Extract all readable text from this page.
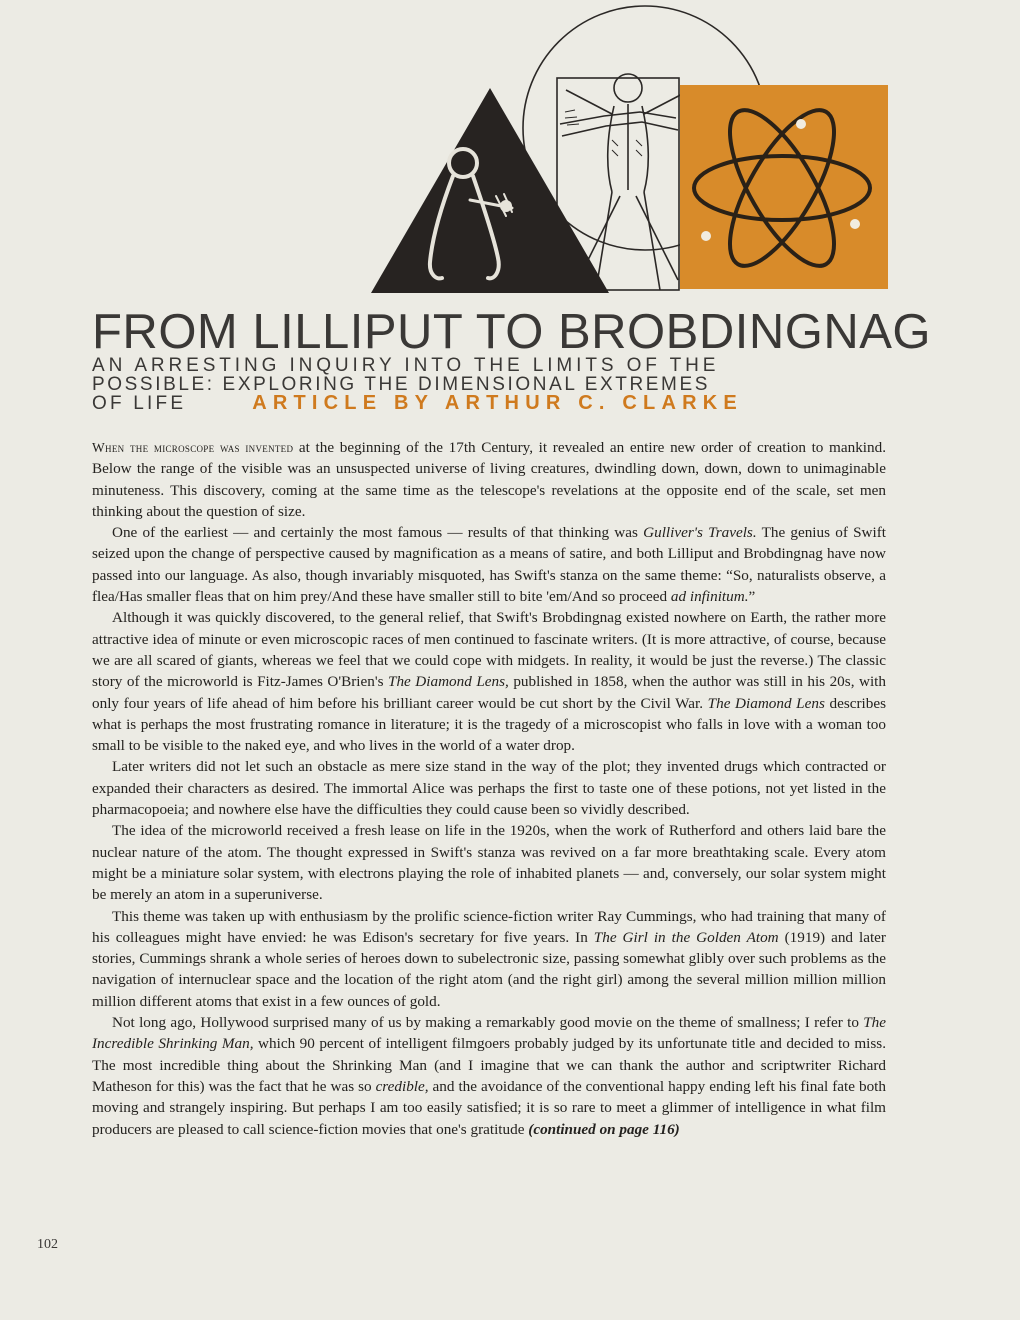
FROM LILLIPUT TO BROBDINGNAG
AN ARRESTING INQUIRY INTO THE LIMITS OF THE
POSSIBLE: EXPLORING THE DIMENSIONAL EXTREMES
OF LIFE	ARTICLE BY ARTHUR C. CLARKE

When the microscope was invented at the beginning of the 17th Century, it revealed an entire new order of creation to mankind. Below the range of the visible was an unsuspected universe of living creatures, dwindling down, down, down to unimaginable minuteness. This discovery, coming at the same time as the telescope's revelations at the opposite end of the scale, set men thinking about the question of size.

One of the earliest — and certainly the most famous — results of that thinking was Gulliver's Travels. The genius of Swift seized upon the change of perspective caused by magnification as a means of satire, and both Lilliput and Brobdingnag have now passed into our language. As also, though invariably misquoted, has Swift's stanza on the same theme: “So, naturalists observe, a flea/Has smaller fleas that on him prey/And these have smaller still to bite 'em/And so proceed ad infinitum.”

Although it was quickly discovered, to the general relief, that Swift's Brobdingnag existed nowhere on Earth, the rather more attractive idea of minute or even microscopic races of men continued to fascinate writers. (It is more attractive, of course, because we are all scared of giants, whereas we feel that we could cope with midgets. In reality, it would be just the reverse.) The classic story of the microworld is Fitz-James O'Brien's The Diamond Lens, published in 1858, when the author was still in his 20s, with only four years of life ahead of him before his brilliant career would be cut short by the Civil War. The Diamond Lens describes what is perhaps the most frustrating romance in literature; it is the tragedy of a microscopist who falls in love with a woman too small to be visible to the naked eye, and who lives in the world of a water drop.

Later writers did not let such an obstacle as mere size stand in the way of the plot; they invented drugs which contracted or expanded their characters as desired. The immortal Alice was perhaps the first to taste one of these potions, not yet listed in the pharmacopoeia; and nowhere else have the difficulties they could cause been so vividly described.

The idea of the microworld received a fresh lease on life in the 1920s, when the work of Rutherford and others laid bare the nuclear nature of the atom. The thought expressed in Swift's stanza was revived on a far more breathtaking scale. Every atom might be a miniature solar system, with electrons playing the role of inhabited planets — and, conversely, our solar system might be merely an atom in a superuniverse.

This theme was taken up with enthusiasm by the prolific science-fiction writer Ray Cummings, who had training that many of his colleagues might have envied: he was Edison's secretary for five years. In The Girl in the Golden Atom (1919) and later stories, Cummings shrank a whole series of heroes down to subelectronic size, passing somewhat glibly over such problems as the navigation of internuclear space and the location of the right atom (and the right girl) among the several million million million million different atoms that exist in a few ounces of gold.

Not long ago, Hollywood surprised many of us by making a remarkably good movie on the theme of smallness; I refer to The Incredible Shrinking Man, which 90 percent of intelligent filmgoers probably judged by its unfortunate title and decided to miss. The most incredible thing about the Shrinking Man (and I imagine that we can thank the author and scriptwriter Richard Matheson for this) was the fact that he was so credible, and the avoidance of the conventional happy ending left his final fate both moving and strangely inspiring. But perhaps I am too easily satisfied; it is so rare to meet a glimmer of intelligence in what film producers are pleased to call science-fiction movies that one's gratitude (continued on page 116)

102
